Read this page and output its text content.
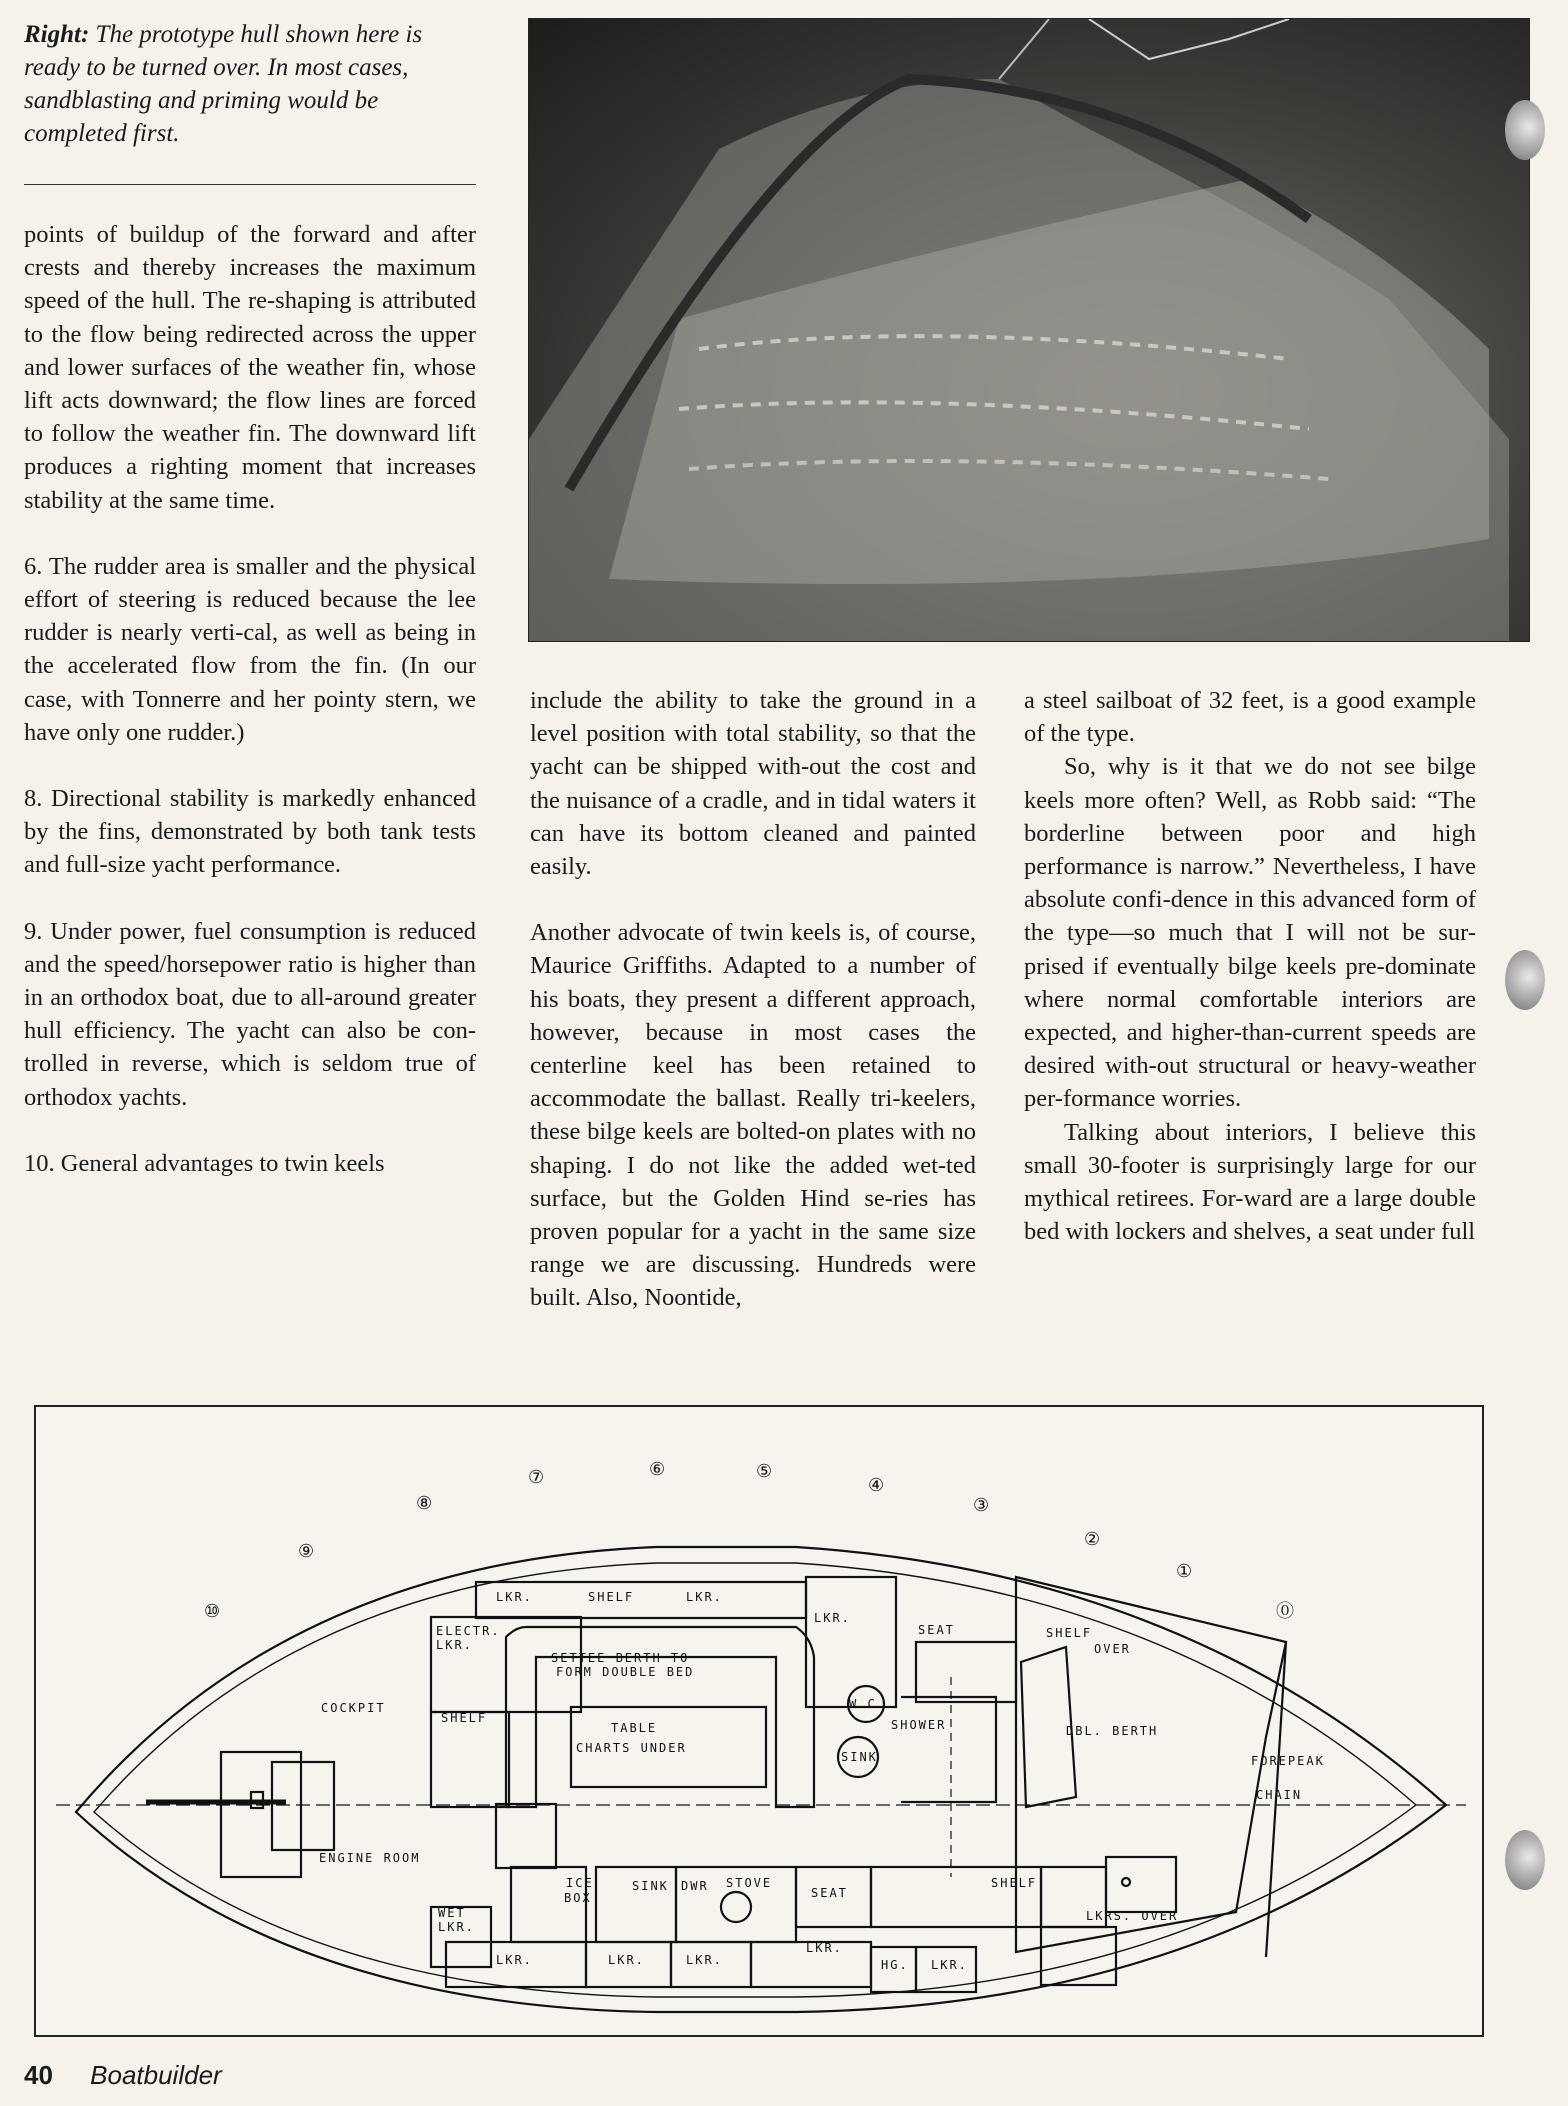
Right: The prototype hull shown here is ready to be turned over. In most cases, sandblasting and priming would be completed first.

points of buildup of the forward and after crests and thereby increases the maximum speed of the hull. The re-shaping is attributed to the flow being redirected across the upper and lower surfaces of the weather fin, whose lift acts downward; the flow lines are forced to follow the weather fin. The downward lift produces a righting moment that increases stability at the same time.

6. The rudder area is smaller and the physical effort of steering is reduced because the lee rudder is nearly verti-cal, as well as being in the accelerated flow from the fin. (In our case, with Tonnerre and her pointy stern, we have only one rudder.)

8. Directional stability is markedly enhanced by the fins, demonstrated by both tank tests and full-size yacht performance.

9. Under power, fuel consumption is reduced and the speed/horsepower ratio is higher than in an orthodox boat, due to all-around greater hull efficiency. The yacht can also be con-trolled in reverse, which is seldom true of orthodox yachts.

10. General advantages to twin keels

include the ability to take the ground in a level position with total stability, so that the yacht can be shipped with-out the cost and the nuisance of a cradle, and in tidal waters it can have its bottom cleaned and painted easily.

Another advocate of twin keels is, of course, Maurice Griffiths. Adapted to a number of his boats, they present a different approach, however, because in most cases the centerline keel has been retained to accommodate the ballast. Really tri-keelers, these bilge keels are bolted-on plates with no shaping. I do not like the added wet-ted surface, but the Golden Hind se-ries has proven popular for a yacht in the same size range we are discussing. Hundreds were built. Also, Noontide,

a steel sailboat of 32 feet, is a good example of the type.

So, why is it that we do not see bilge keels more often? Well, as Robb said: “The borderline between poor and high performance is narrow.” Nevertheless, I have absolute confi-dence in this advanced form of the type—so much that I will not be sur-prised if eventually bilge keels pre-dominate where normal comfortable interiors are expected, and higher-than-current speeds are desired with-out structural or heavy-weather per-formance worries.

Talking about interiors, I believe this small 30-footer is surprisingly large for our mythical retirees. For-ward are a large double bed with lockers and shelves, a seat under full

LKR.	SHELF	LKR.
LKR.
ELECTR.
LKR.
SETTEE BERTH TO
FORM DOUBLE BED
SEAT	SHELF
OVER
COCKPIT
SHELF
TABLE
CHARTS UNDER
W.C
SHOWER
SINK
DBL. BERTH
FOREPEAK
CHAIN
ENGINE ROOM
ICE
BOX
SINK DWR STOVE
SEAT
SHELF
LKRS. OVER
WET
LKR.
LKR.	LKR.	LKR.
LKR.
HG. LKR.
⑩
⑨
⑧
⑦	⑥	⑤
④
③
②
①
⓪
40 Boatbuilder
